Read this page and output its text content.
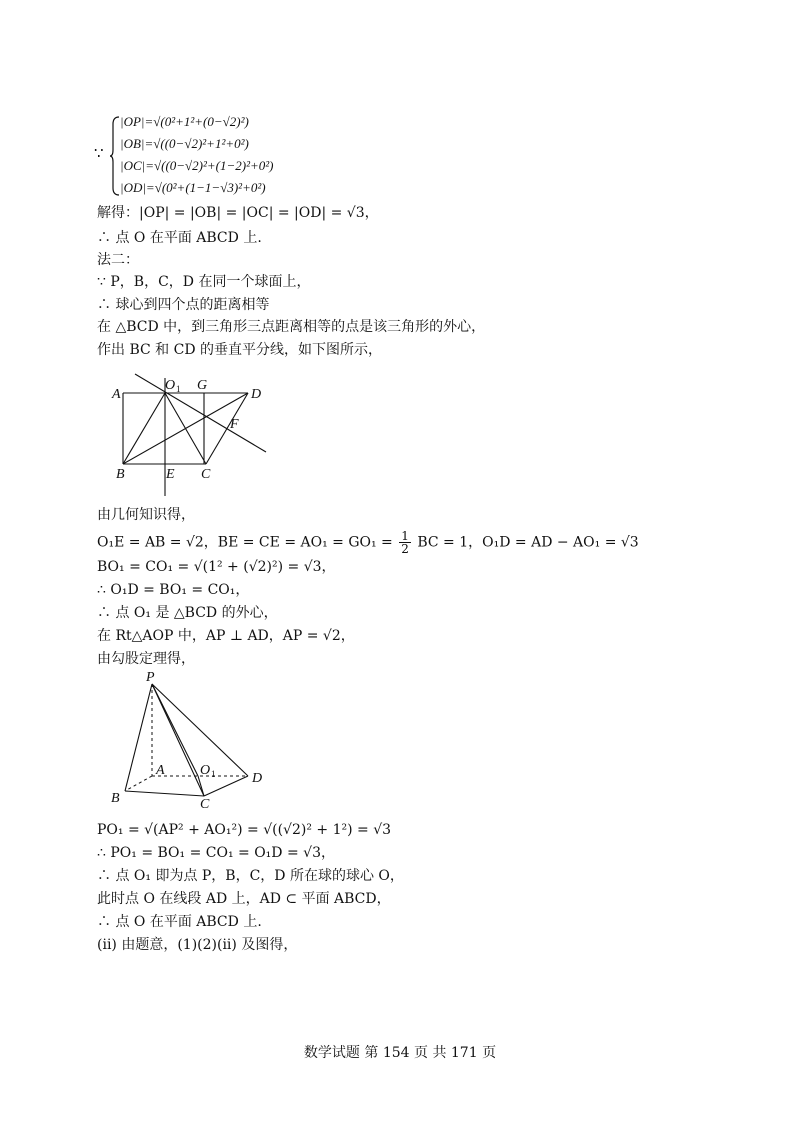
∵
|OP|=√(0²+1²+(0−√2)²)
|OB|=√((0−√2)²+1²+0²)
|OC|=√((0−√2)²+(1−2)²+0²)
|OD|=√(0²+(1−1−√3)²+0²)
解得：|OP| = |OB| = |OC| = |OD| = √3，
∴ 点 O 在平面 ABCD 上.
法二：
∵ P，B，C，D 在同一个球面上，
∴ 球心到四个点的距离相等
在 △BCD 中，到三角形三点距离相等的点是该三角形的外心，
作出 BC 和 CD 的垂直平分线，如下图所示，
A
O 1 G
D
F
B	E C
由几何知识得，
O₁E = AB = √2，BE = CE = $AO_1 = GO_1 = \frac{1}{2}$ BC = 1，O₁D = AD − AO₁ = √3
BO₁ = CO₁ = √(1² + (√2)²) = √3，
∴ O₁D = BO₁ = CO₁，
∴ 点 O₁ 是 △BCD 的外心，
在 Rt△AOP 中，AP ⊥ AD，AP = √2，
由勾股定理得，
P
A	O 1	D
B	C
PO₁ = √(AP² + AO₁²) = √((√2)² + 1²) = √3
∴ PO₁ = BO₁ = CO₁ = O₁D = √3，
∴ 点 O₁ 即为点 P，B，C，D 所在球的球心 O，
此时点 O 在线段 AD 上，AD ⊂ 平面 ABCD，
∴ 点 O 在平面 ABCD 上.
(ii) 由题意，(1)(2)(ii) 及图得，
数学试题 第 154 页 共 171 页
